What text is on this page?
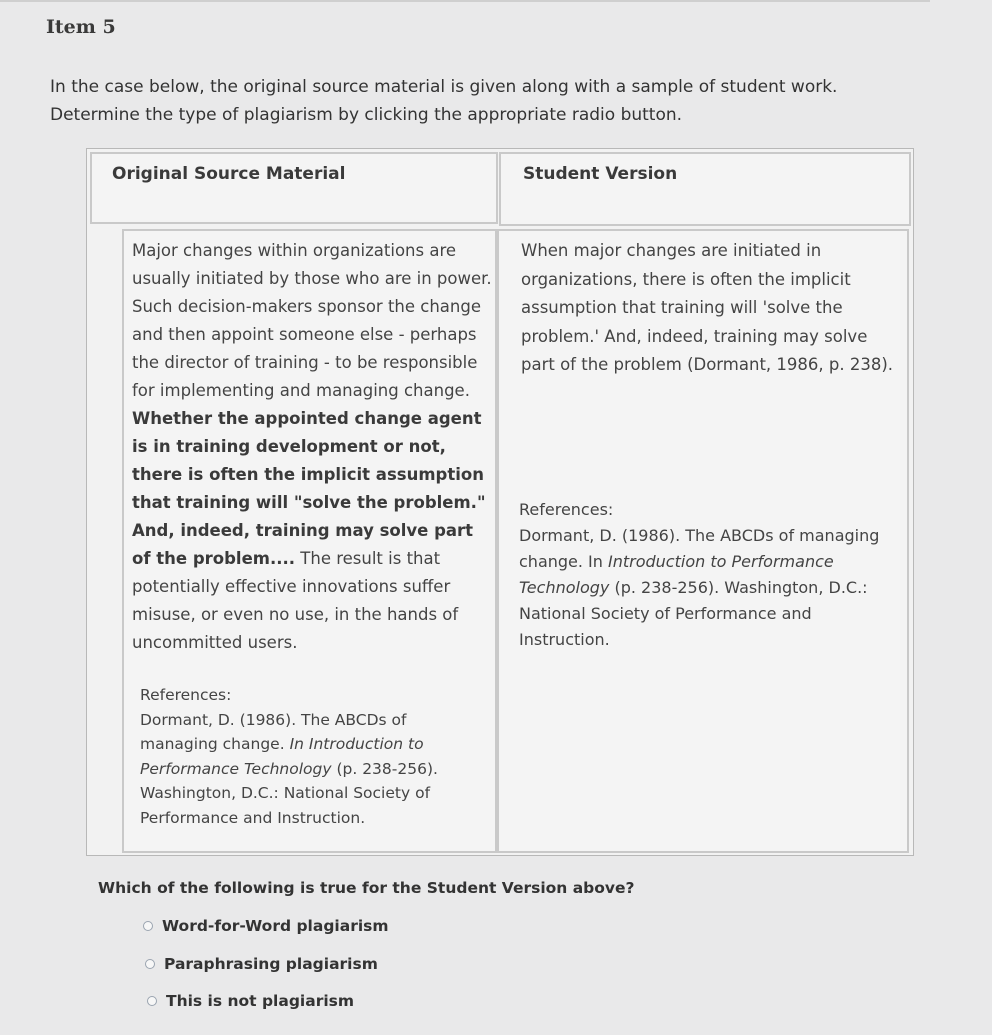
Item 5
In the case below, the original source material is given along with a sample of student work. Determine the type of plagiarism by clicking the appropriate radio button.
Original Source Material	Student Version
Major changes within organizations are usually initiated by those who are in power. Such decision-makers sponsor the change and then appoint someone else - perhaps the director of training - to be responsible for implementing and managing change. Whether the appointed change agent is in training development or not, there is often the implicit assumption that training will "solve the problem." And, indeed, training may solve part of the problem.... The result is that potentially effective innovations suffer misuse, or even no use, in the hands of uncommitted users.
References:
Dormant, D. (1986). The ABCDs of managing change. In Introduction to Performance Technology (p. 238-256). Washington, D.C.: National Society of Performance and Instruction.
When major changes are initiated in organizations, there is often the implicit assumption that training will 'solve the problem.' And, indeed, training may solve part of the problem (Dormant, 1986, p. 238).
References:
Dormant, D. (1986). The ABCDs of managing change. In Introduction to Performance Technology (p. 238-256). Washington, D.C.: National Society of Performance and Instruction.
Which of the following is true for the Student Version above?
Word-for-Word plagiarism
Paraphrasing plagiarism
This is not plagiarism
